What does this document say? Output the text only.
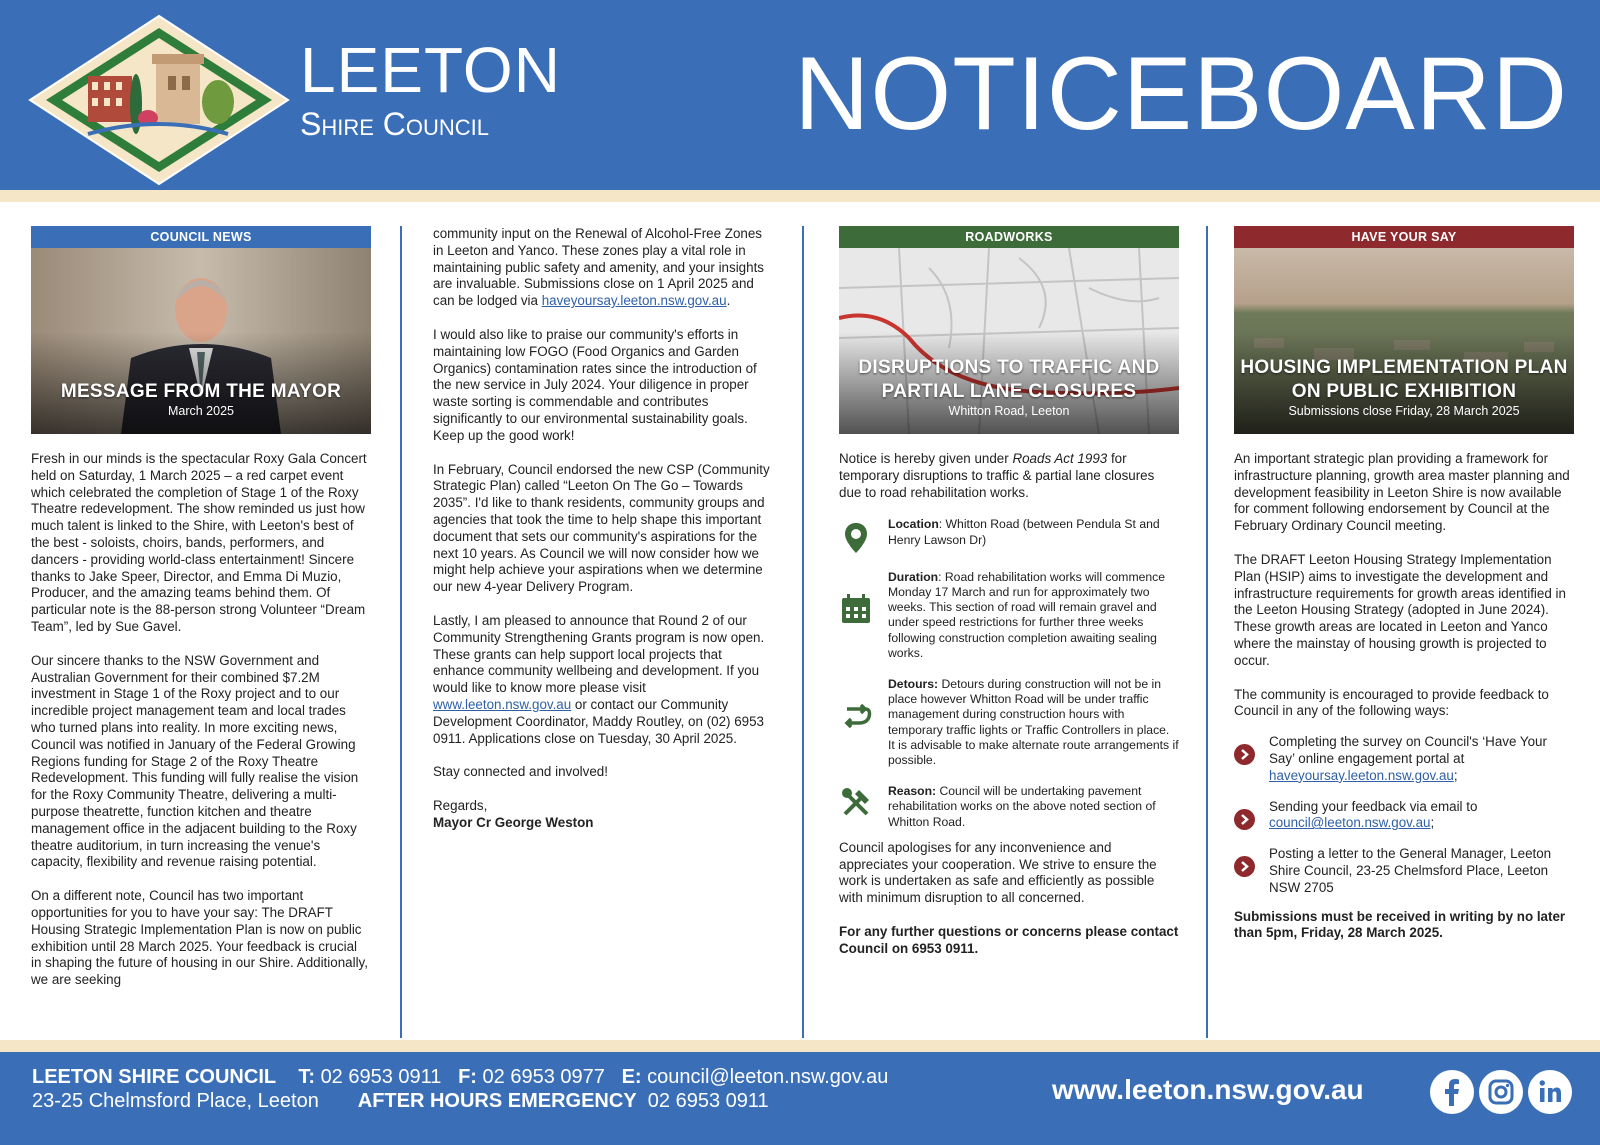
LEETON
Shire Council	NOTICEBOARD
COUNCIL NEWS
MESSAGE FROM THE MAYOR
March 2025

Fresh in our minds is the spectacular Roxy Gala Concert held on Saturday, 1 March 2025 – a red carpet event which celebrated the completion of Stage 1 of the Roxy Theatre redevelopment. The show reminded us just how much talent is linked to the Shire, with Leeton's best of the best - soloists, choirs, bands, performers, and dancers - providing world-class entertainment! Sincere thanks to Jake Speer, Director, and Emma Di Muzio, Producer, and the amazing teams behind them. Of particular note is the 88-person strong Volunteer “Dream Team”, led by Sue Gavel.

Our sincere thanks to the NSW Government and Australian Government for their combined $7.2M investment in Stage 1 of the Roxy project and to our incredible project management team and local trades who turned plans into reality. In more exciting news, Council was notified in January of the Federal Growing Regions funding for Stage 2 of the Roxy Theatre Redevelopment. This funding will fully realise the vision for the Roxy Community Theatre, delivering a multi-purpose theatrette, function kitchen and theatre management office in the adjacent building to the Roxy theatre auditorium, in turn increasing the venue's capacity, flexibility and revenue raising potential.

On a different note, Council has two important opportunities for you to have your say: The DRAFT Housing Strategic Implementation Plan is now on public exhibition until 28 March 2025. Your feedback is crucial in shaping the future of housing in our Shire. Additionally, we are seeking

community input on the Renewal of Alcohol-Free Zones in Leeton and Yanco. These zones play a vital role in maintaining public safety and amenity, and your insights are invaluable. Submissions close on 1 April 2025 and can be lodged via haveyoursay.leeton.nsw.gov.au.

I would also like to praise our community's efforts in maintaining low FOGO (Food Organics and Garden Organics) contamination rates since the introduction of the new service in July 2024. Your diligence in proper waste sorting is commendable and contributes significantly to our environmental sustainability goals. Keep up the good work!

In February, Council endorsed the new CSP (Community Strategic Plan) called “Leeton On The Go – Towards 2035”. I'd like to thank residents, community groups and agencies that took the time to help shape this important document that sets our community's aspirations for the next 10 years. As Council we will now consider how we might help achieve your aspirations when we determine our new 4-year Delivery Program.

Lastly, I am pleased to announce that Round 2 of our Community Strengthening Grants program is now open. These grants can help support local projects that enhance community wellbeing and development. If you would like to know more please visit www.leeton.nsw.gov.au or contact our Community Development Coordinator, Maddy Routley, on (02) 6953 0911. Applications close on Tuesday, 30 April 2025.

Stay connected and involved!

Regards,

Mayor Cr George Weston

ROADWORKS
DISRUPTIONS TO TRAFFIC AND PARTIAL LANE CLOSURES
Whitton Road, Leeton

Notice is hereby given under Roads Act 1993 for temporary disruptions to traffic & partial lane closures due to road rehabilitation works.

Location: Whitton Road (between Pendula St and Henry Lawson Dr)
Duration: Road rehabilitation works will commence Monday 17 March and run for approximately two weeks. This section of road will remain gravel and under speed restrictions for further three weeks following construction completion awaiting sealing works.
Detours: Detours during construction will not be in place however Whitton Road will be under traffic management during construction hours with temporary traffic lights or Traffic Controllers in place. It is advisable to make alternate route arrangements if possible.
Reason: Council will be undertaking pavement rehabilitation works on the above noted section of Whitton Road.

Council apologises for any inconvenience and appreciates your cooperation. We strive to ensure the work is undertaken as safe and efficiently as possible with minimum disruption to all concerned.

For any further questions or concerns please contact Council on 6953 0911.

HAVE YOUR SAY
HOUSING IMPLEMENTATION PLAN ON PUBLIC EXHIBITION
Submissions close Friday, 28 March 2025

An important strategic plan providing a framework for infrastructure planning, growth area master planning and development feasibility in Leeton Shire is now available for comment following endorsement by Council at the February Ordinary Council meeting.

The DRAFT Leeton Housing Strategy Implementation Plan (HSIP) aims to investigate the development and infrastructure requirements for growth areas identified in the Leeton Housing Strategy (adopted in June 2024). These growth areas are located in Leeton and Yanco where the mainstay of housing growth is projected to occur.

The community is encouraged to provide feedback to Council in any of the following ways:

Completing the survey on Council's ‘Have Your Say’ online engagement portal at haveyoursay.leeton.nsw.gov.au;
Sending your feedback via email to council@leeton.nsw.gov.au;
Posting a letter to the General Manager, Leeton Shire Council, 23-25 Chelmsford Place, Leeton NSW 2705

Submissions must be received in writing by no later than 5pm, Friday, 28 March 2025.

LEETON SHIRE COUNCIL T: 02 6953 0911 F: 02 6953 0977 E: council@leeton.nsw.gov.au
23-25 Chelmsford Place, Leeton AFTER HOURS EMERGENCY 02 6953 0911	www.leeton.nsw.gov.au
